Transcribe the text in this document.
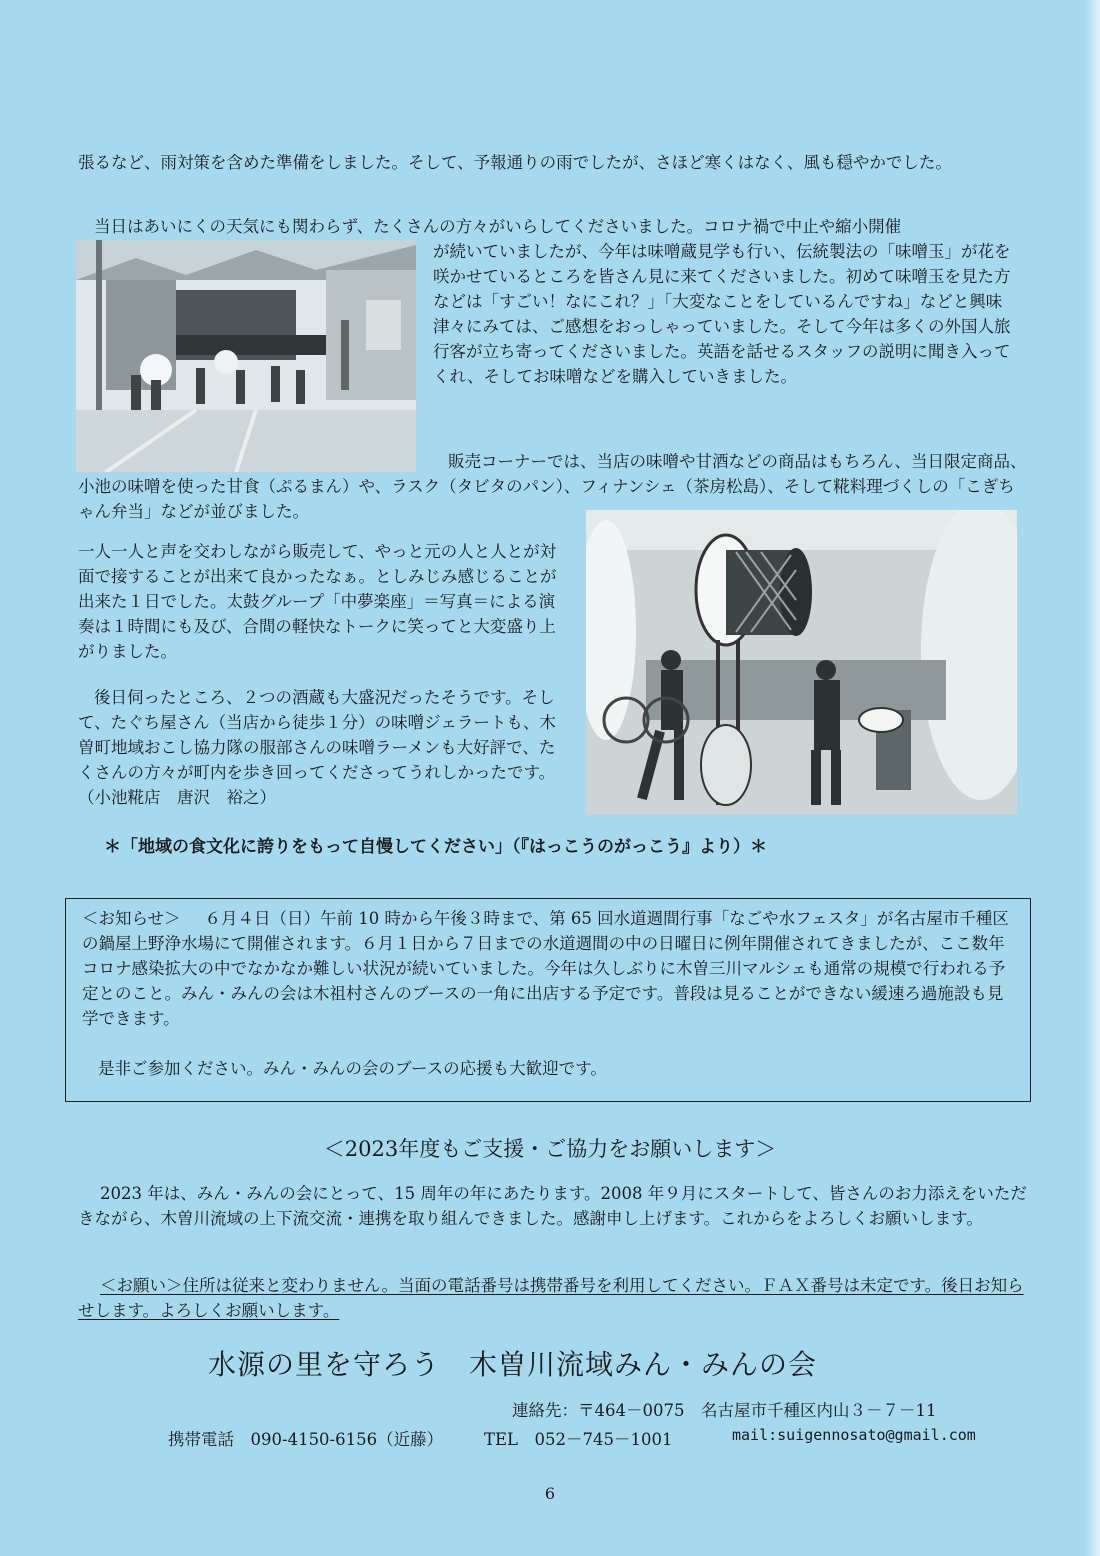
張るなど、雨対策を含めた準備をしました。そして、予報通りの雨でしたが、さほど寒くはなく、風も穏やかでした。

当日はあいにくの天気にも関わらず、たくさんの方々がいらしてくださいました。コロナ禍で中止や縮小開催

が続いていましたが、今年は味噌蔵見学も行い、伝統製法の「味噌玉」が花を咲かせているところを皆さん見に来てくださいました。初めて味噌玉を見た方などは「すごい！なにこれ？」「大変なことをしているんですね」などと興味津々にみては、ご感想をおっしゃっていました。そして今年は多くの外国人旅行客が立ち寄ってくださいました。英語を話せるスタッフの説明に聞き入ってくれ、そしてお味噌などを購入していきました。

販売コーナーでは、当店の味噌や甘酒などの商品はもちろん、当日限定商品、小池の味噌を使った甘食（ぷるまん）や、ラスク（タビタのパン）、フィナンシェ（茶房松島）、そして糀料理づくしの「こぎちゃん弁当」などが並びました。

一人一人と声を交わしながら販売して、やっと元の人と人とが対面で接することが出来て良かったなぁ。としみじみ感じることが出来た１日でした。太鼓グループ「中夢楽座」＝写真＝による演奏は１時間にも及び、合間の軽快なトークに笑ってと大変盛り上がりました。

後日伺ったところ、２つの酒蔵も大盛況だったそうです。そして、たぐち屋さん（当店から徒歩１分）の味噌ジェラートも、木曽町地域おこし協力隊の服部さんの味噌ラーメンも大好評で、たくさんの方々が町内を歩き回ってくださってうれしかったです。（小池糀店　唐沢　裕之）

＊「地域の食文化に誇りをもって自慢してください」（『はっこうのがっこう』より）＊

＜お知らせ＞ ６月４日（日）午前 10 時から午後３時まで、第 65 回水道週間行事「なごや水フェスタ」が名古屋市千種区の鍋屋上野浄水場にて開催されます。６月１日から７日までの水道週間の中の日曜日に例年開催されてきましたが、ここ数年コロナ感染拡大の中でなかなか難しい状況が続いていました。今年は久しぶりに木曽三川マルシェも通常の規模で行われる予定とのこと。みん・みんの会は木祖村さんのブースの一角に出店する予定です。普段は見ることができない緩速ろ過施設も見学できます。

是非ご参加ください。みん・みんの会のブースの応援も大歓迎です。

＜2023年度もご支援・ご協力をお願いします＞

2023 年は、みん・みんの会にとって、15 周年の年にあたります。2008 年９月にスタートして、皆さんのお力添えをいただきながら、木曽川流域の上下流交流・連携を取り組んできました。感謝申し上げます。これからをよろしくお願いします。

＜お願い＞住所は従来と変わりません。当面の電話番号は携帯番号を利用してください。ＦＡＸ番号は未定です。後日お知らせします。よろしくお願いします。

水源の里を守ろう　木曽川流域みん・みんの会
連絡先：〒464－0075　名古屋市千種区内山３－７－11
携帯電話　090-4150-6156（近藤） TEL　052－745－1001	mail:suigennosato@gmail.com
6
